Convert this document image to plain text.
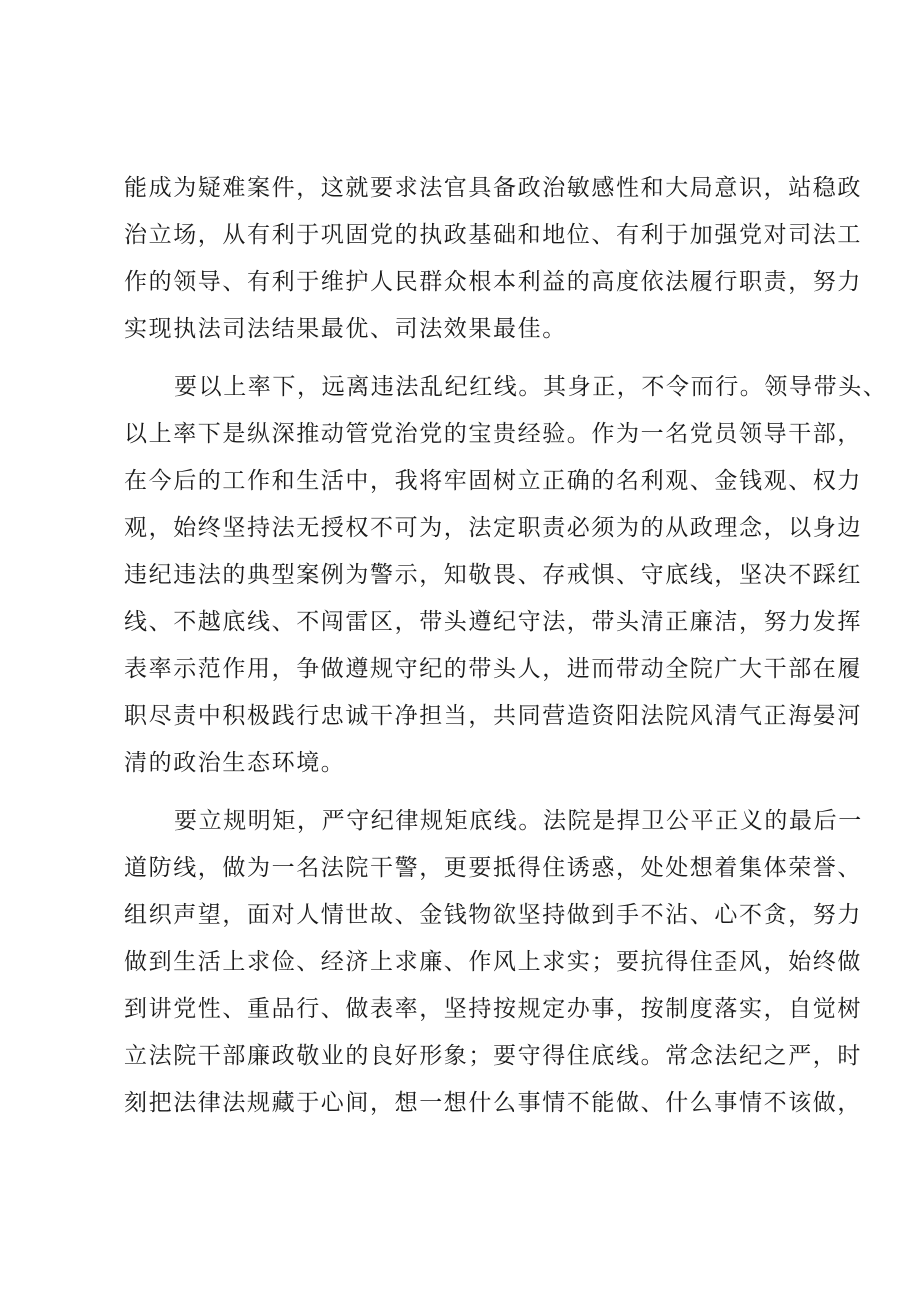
能成为疑难案件，这就要求法官具备政治敏感性和大局意识，站稳政
治立场，从有利于巩固党的执政基础和地位、有利于加强党对司法工
作的领导、有利于维护人民群众根本利益的高度依法履行职责，努力
实现执法司法结果最优、司法效果最佳。
要以上率下，远离违法乱纪红线。其身正，不令而行。领导带头、
以上率下是纵深推动管党治党的宝贵经验。作为一名党员领导干部，
在今后的工作和生活中，我将牢固树立正确的名利观、金钱观、权力
观，始终坚持法无授权不可为，法定职责必须为的从政理念，以身边
违纪违法的典型案例为警示，知敬畏、存戒惧、守底线，坚决不踩红
线、不越底线、不闯雷区，带头遵纪守法，带头清正廉洁，努力发挥
表率示范作用，争做遵规守纪的带头人，进而带动全院广大干部在履
职尽责中积极践行忠诚干净担当，共同营造资阳法院风清气正海晏河
清的政治生态环境。
要立规明矩，严守纪律规矩底线。法院是捍卫公平正义的最后一
道防线，做为一名法院干警，更要抵得住诱惑，处处想着集体荣誉、
组织声望，面对人情世故、金钱物欲坚持做到手不沾、心不贪，努力
做到生活上求俭、经济上求廉、作风上求实；要抗得住歪风，始终做
到讲党性、重品行、做表率，坚持按规定办事，按制度落实，自觉树
立法院干部廉政敬业的良好形象；要守得住底线。常念法纪之严，时
刻把法律法规藏于心间，想一想什么事情不能做、什么事情不该做，
